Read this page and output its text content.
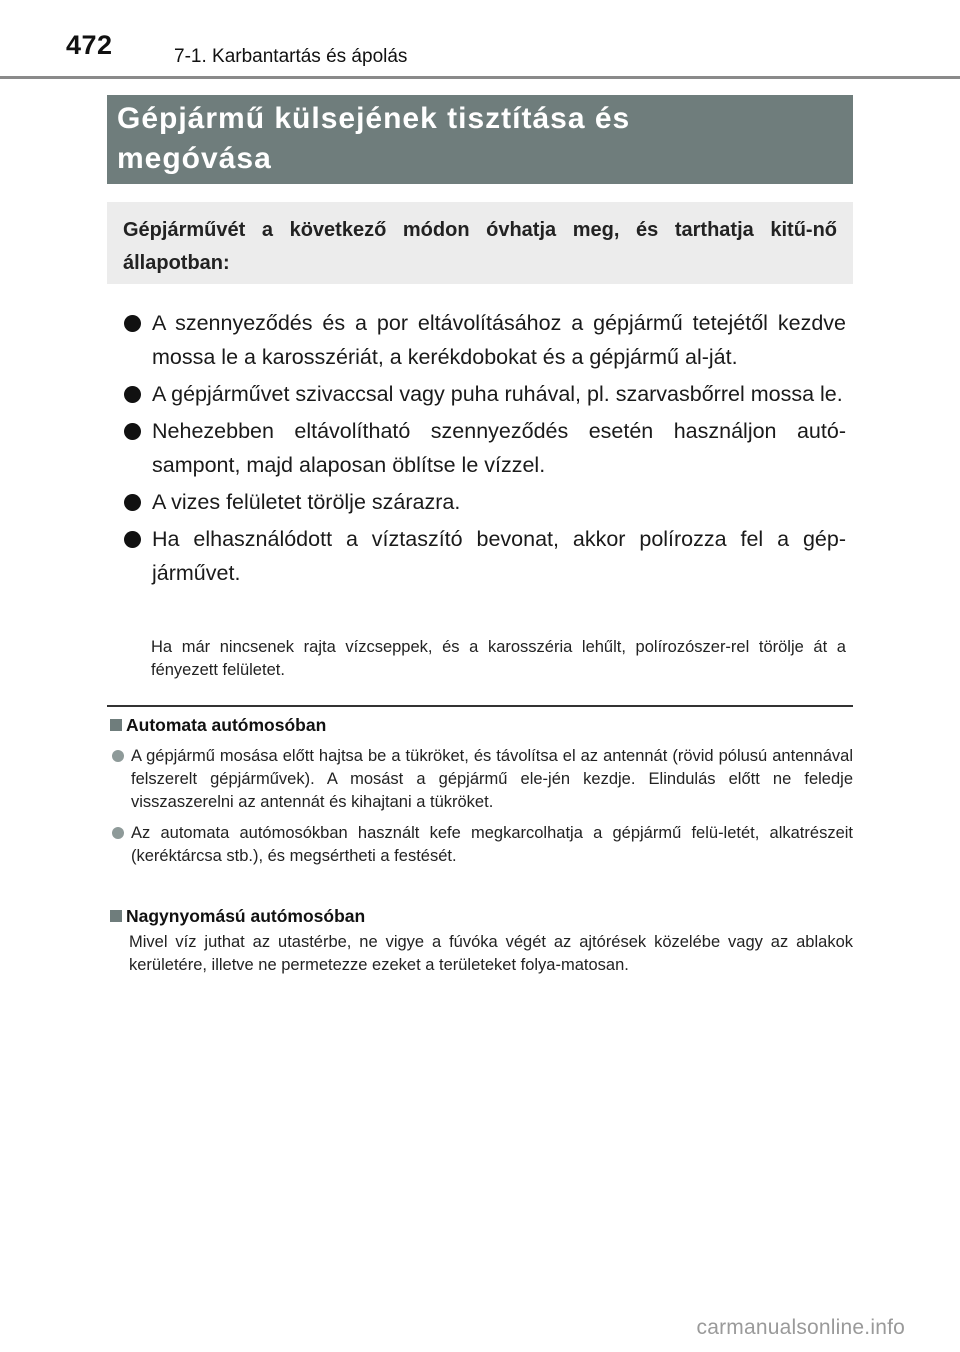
472	7-1. Karbantartás és ápolás

Gépjármű külsejének tisztítása és

megóvása

Gépjárművét a következő módon óvhatja meg, és tarthatja kitű-nő állapotban:

A szennyeződés és a por eltávolításához a gépjármű tetejétől kezdve mossa le a karosszériát, a kerékdobokat és a gépjármű al-ját.
A gépjárművet szivaccsal vagy puha ruhával, pl. szarvasbőrrel mossa le.
Nehezebben eltávolítható szennyeződés esetén használjon autó-sampont, majd alaposan öblítse le vízzel.
A vizes felületet törölje szárazra.
Ha elhasználódott a víztaszító bevonat, akkor polírozza fel a gép-járművet.

Ha már nincsenek rajta vízcseppek, és a karosszéria lehűlt, polírozószer-rel törölje át a fényezett felületet.

Automata autómosóban

A gépjármű mosása előtt hajtsa be a tükröket, és távolítsa el az antennát (rövid pólusú antennával felszerelt gépjárművek). A mosást a gépjármű ele-jén kezdje. Elindulás előtt ne feledje visszaszerelni az antennát és kihajtani a tükröket.

Az automata autómosókban használt kefe megkarcolhatja a gépjármű felü-letét, alkatrészeit (keréktárcsa stb.), és megsértheti a festését.

Nagynyomású autómosóban

Mivel víz juthat az utastérbe, ne vigye a fúvóka végét az ajtórések közelébe vagy az ablakok kerületére, illetve ne permetezze ezeket a területeket folya-matosan.

carmanualsonline.info
